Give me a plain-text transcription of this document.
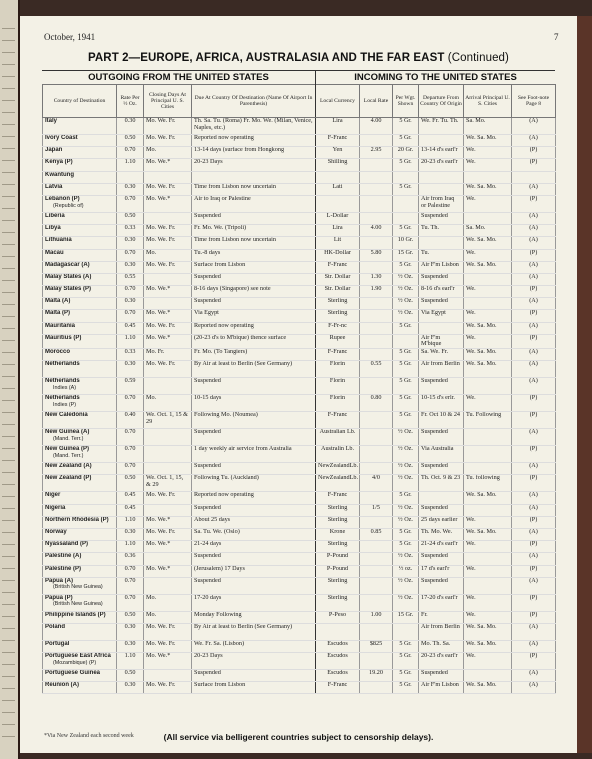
October, 1941	7
PART 2—EUROPE, AFRICA, AUSTRALASIA AND THE FAR EAST (Continued)
OUTGOING FROM THE UNITED STATES	INCOMING TO THE UNITED STATES
Country of Destination	Rate Per ½ Oz.	Closing Days At Principal U. S. Cities	Due At Country Of Destination (Name Of Airport In Parenthesis)	Local Currency	Local Rate	Per Wgt. Shown	Departure From Country Of Origin	Arrival Principal U. S. Cities	See Foot-note Page 8
Italy	0.30	Mo. We. Fr.	Th. Sa. Tu. (Roma) Fr. Mo. We. (Milan, Venice, Naples, etc.)	Lira	4.00	5 Gr.	We. Fr. Tu. Th.	Sa. Mo.	(A)
Ivory Coast	0.50	Mo. We. Fr.	Reported now operating	F-Franc		5 Gr.		We. Sa. Mo.	(A)
Japan	0.70	Mo.	13-14 days (surface from Hongkong	Yen	2.95	20 Gr.	13-14 d's earl'r	We.	(P)
Kenya (P)	1.10	Mo. We.*	20-23 Days	Shilling		5 Gr.	20-23 d's earl'r	We.	(P)
Kwantung									
Latvia	0.30	Mo. We. Fr.	Time from Lisbon now uncertain	Lati		5 Gr.		We. Sa. Mo.	(A)
Lebanon (P)
(Republic of)	0.70	Mo. We.*	Air to Iraq or Palestine				Air from Iraq or Palestine	We.	(P)
Liberia	0.50		Suspended	L-Dollar			Suspended		(A)
Libya	0.33	Mo. We. Fr.	Fr. Mo. We. (Tripoli)	Lira	4.00	5 Gr.	Tu. Th.	Sa. Mo.	(A)
Lithuania	0.30	Mo. We. Fr.	Time from Lisbon now uncertain	Lit		10 Gr.		We. Sa. Mo.	(A)
Macau	0.70	Mo.	Tu.-8 days	HK-Dollar	5.80	15 Gr.	Tu.	We.	(P)
Madagascar (A)	0.30	Mo. We. Fr.	Surface from Lisbon	F-Franc		5 Gr.	Air F'm Lisbon	We. Sa. Mo.	(A)
Malay States (A)	0.55		Suspended	Str. Dollar	1.30	½ Oz.	Suspended		(A)
Malay States (P)	0.70	Mo. We.*	8-16 days (Singapore) see note	Str. Dollar	1.90	½ Oz.	8-16 d's earl'r	We.	(P)
Malta (A)	0.30		Suspended	Sterling		½ Oz.	Suspended		(A)
Malta (P)	0.70	Mo. We.*	Via Egypt	Sterling		½ Oz.	Via Egypt	We.	(P)
Mauritania	0.45	Mo. We. Fr.	Reported now operating	F-Fr-nc		5 Gr.		We. Sa. Mo.	(A)
Mauritius (P)	1.10	Mo. We.*	(20-23 d's to M'bique) thence surface	Rupee			Air F'm M'bique	We.	(P)
Morocco	0.33	Mo. Fr.	Fr. Mo. (To Tangiers)	F-Franc		5 Gr.	Sa. We. Fr.	We. Sa. Mo.	(A)
Netherlands	0.30	Mo. We. Fr.	By Air at least to Berlin (See Germany)	Florin	0.55	5 Gr.	Air from Berlin	We. Sa. Mo.	(A)
Netherlands
Indies (A)	0.59		Suspended	Florin		5 Gr.	Suspended		(A)
Netherlands
Indies (P)	0.70	Mo.	10-15 days	Florin	0.80	5 Gr.	10-15 d's erlr.	We.	(P)
New Caledonia	0.40	We. Oct. 1, 15 & 29	Following Mo. (Noumea)	F-Franc		5 Gr.	Fr. Oct 10 & 24	Tu. Following	(P)
New Guinea (A)
(Mand. Terr.)	0.70		Suspended	Australian Lb.		½ Oz.	Suspended		(A)
New Guinea (P)
(Mand. Terr.)	0.70		1 day weekly air service from Australia	Australin Lb.		½ Oz.	Via Australia		(P)
New Zealand (A)	0.70		Suspended	NewZealandLb.		½ Oz.	Suspended		(A)
New Zealand (P)	0.50	We. Oct. 1, 15, & 29	Following Tu. (Auckland)	NewZealandLb.	4/0	½ Oz.	Th. Oct. 9 & 23	Tu. following	(P)
Niger	0.45	Mo. We. Fr.	Reported now operating	F-Franc		5 Gr.		We. Sa. Mo.	(A)
Nigeria	0.45		Suspended	Sterling	1/5	½ Oz.	Suspended		(A)
Northern Rhodesia (P)	1.10	Mo. We.*	About 25 days	Sterling		½ Oz.	25 days earlier	We.	(P)
Norway	0.30	Mo. We. Fr.	Sa. Tu. We. (Oslo)	Krone	0.85	5 Gr.	Th. Mo. We.	We. Sa. Mo.	(A)
Nyassaland (P)	1.10	Mo. We.*	21-24 days	Sterling		5 Gr.	21-24 d's earl'r	We.	(P)
Palestine (A)	0.36		Suspended	P-Pound		½ Oz.	Suspended		(A)
Palestine (P)	0.70	Mo. We.*	(Jerusalem) 17 Days	P-Pound		½ oz.	17 d's earl'r	We.	(P)
Papua (A)
(British New Guinea)	0.70		Suspended	Sterling		½ Oz.	Suspended		(A)
Papua (P)
(British New Guinea)	0.70	Mo.	17-20 days	Sterling		½ Oz.	17-20 d's earl'r	We.	(P)
Philippine Islands (P)	0.50	Mo.	Monday Following	P-Peso	1.00	15 Gr.	Fr.	We.	(P)
Poland	0.30	Mo. We. Fr.	By Air at least to Berlin (See Germany)				Air from Berlin	We. Sa. Mo.	(A)
Portugal	0.30	Mo. We. Fr.	We. Fr. Sa. (Lisbon)	Escudos	$825	5 Gr.	Mo. Th. Sa.	We. Sa. Mo.	(A)
Portuguese East Africa
(Mozambique) (P)	1.10	Mo. We.*	20-23 Days	Escudos		5 Gr.	20-23 d's earl'r	We.	(P)
Portuguese Guinea	0.50		Suspended	Escudos	19.20	5 Gr.	Suspended		(A)
Reunion (A)	0.30	Mo. We. Fr.	Surface from Lisbon	F-Franc		5 Gr.	Air F'm Lisbon	We. Sa. Mo.	(A)
*Via New Zealand each second week	(All service via belligerent countries subject to censorship delays).
